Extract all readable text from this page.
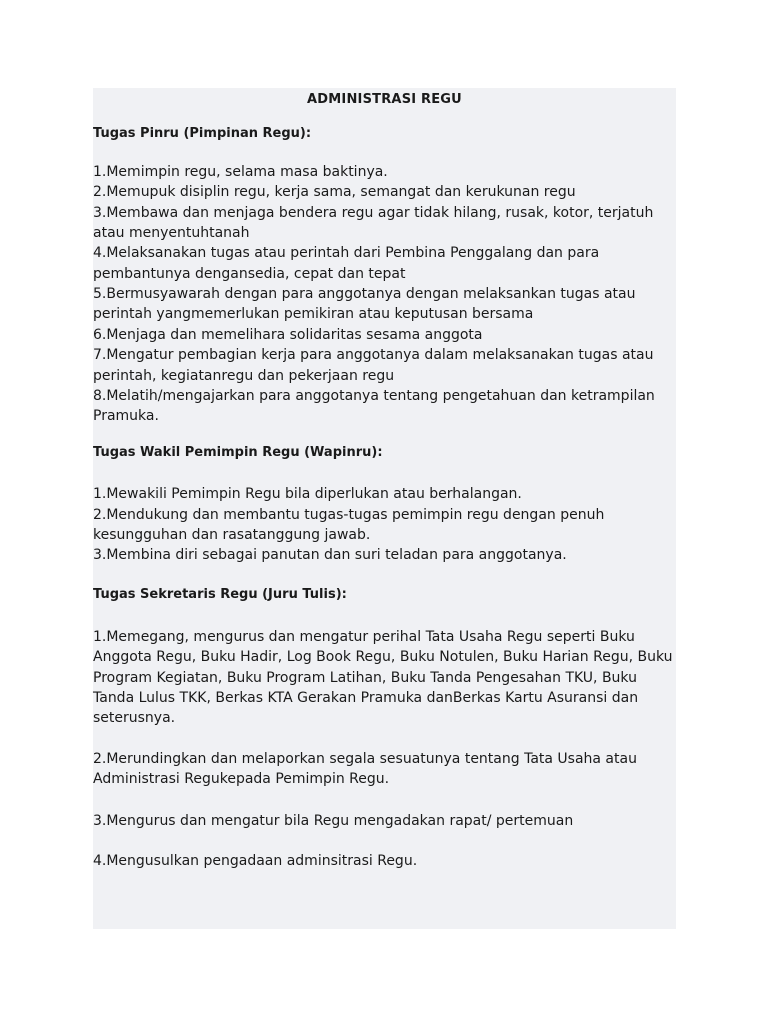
ADMINISTRASI REGU
Tugas Pinru (Pimpinan Regu):
1.Memimpin regu, selama masa baktinya.
2.Memupuk disiplin regu, kerja sama, semangat dan kerukunan regu
3.Membawa dan menjaga bendera regu agar tidak hilang, rusak, kotor, terjatuh
atau menyentuhtanah
4.Melaksanakan tugas atau perintah dari Pembina Penggalang dan para
pembantunya dengansedia, cepat dan tepat
5.Bermusyawarah dengan para anggotanya dengan melaksankan tugas atau
perintah yangmemerlukan pemikiran atau keputusan bersama
6.Menjaga dan memelihara solidaritas sesama anggota
7.Mengatur pembagian kerja para anggotanya dalam melaksanakan tugas atau
perintah, kegiatanregu dan pekerjaan regu
8.Melatih/mengajarkan para anggotanya tentang pengetahuan dan ketrampilan
Pramuka.
Tugas Wakil Pemimpin Regu (Wapinru):
1.Mewakili Pemimpin Regu bila diperlukan atau berhalangan.
2.Mendukung dan membantu tugas-tugas pemimpin regu dengan penuh
kesungguhan dan rasatanggung jawab.
3.Membina diri sebagai panutan dan suri teladan para anggotanya.
Tugas Sekretaris Regu (Juru Tulis):
1.Memegang, mengurus dan mengatur perihal Tata Usaha Regu seperti Buku
Anggota Regu, Buku Hadir, Log Book Regu, Buku Notulen, Buku Harian Regu, Buku
Program Kegiatan, Buku Program Latihan, Buku Tanda Pengesahan TKU, Buku
Tanda Lulus TKK, Berkas KTA Gerakan Pramuka danBerkas Kartu Asuransi dan
seterusnya.
2.Merundingkan dan melaporkan segala sesuatunya tentang Tata Usaha atau
Administrasi Regukepada Pemimpin Regu.
3.Mengurus dan mengatur bila Regu mengadakan rapat/ pertemuan
4.Mengusulkan pengadaan adminsitrasi Regu.
